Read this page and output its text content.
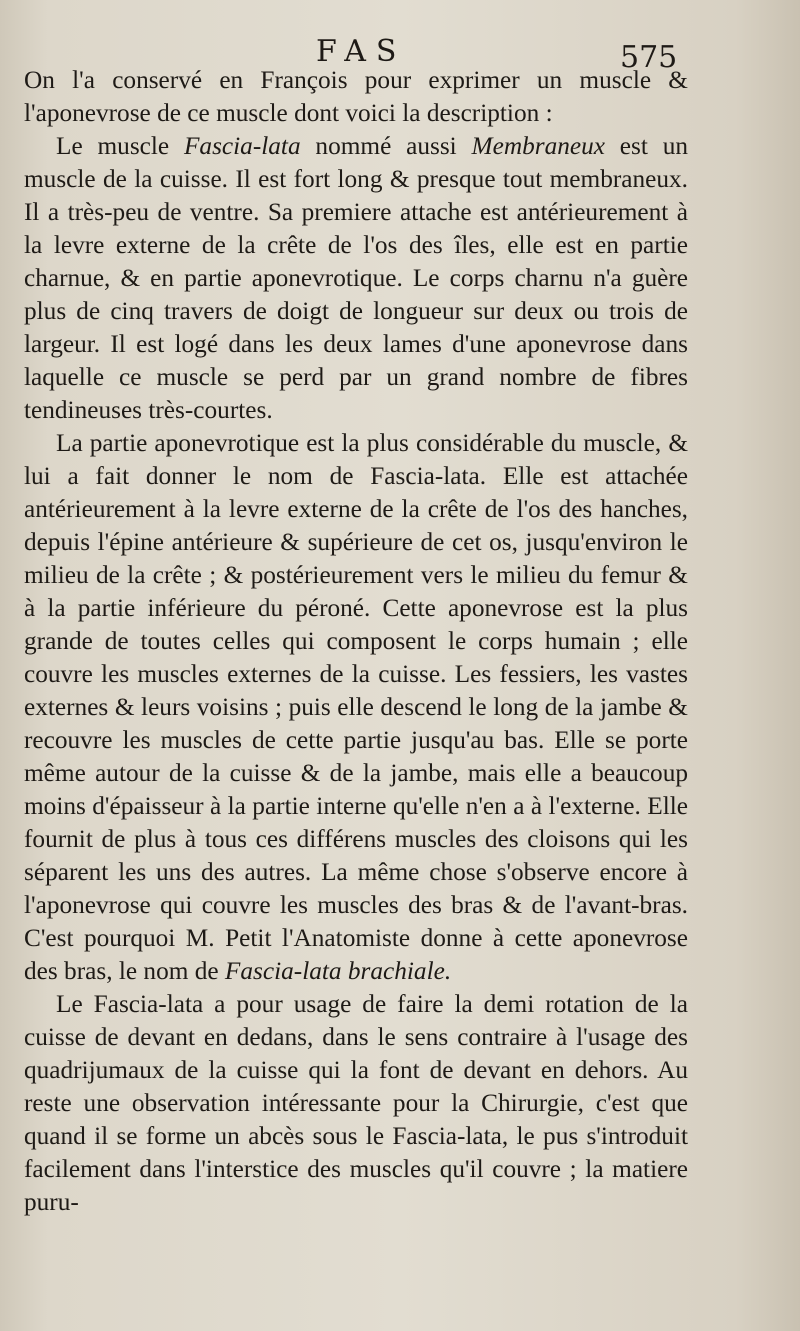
FAS	575

On l'a conservé en François pour exprimer un muscle & l'aponevrose de ce muscle dont voici la description :

Le muscle Fascia-lata nommé aussi Membraneux est un muscle de la cuisse. Il est fort long & presque tout membraneux. Il a très-peu de ventre. Sa premiere attache est antérieurement à la levre externe de la crête de l'os des îles, elle est en partie charnue, & en partie aponevrotique. Le corps charnu n'a guère plus de cinq travers de doigt de longueur sur deux ou trois de largeur. Il est logé dans les deux lames d'une aponevrose dans laquelle ce muscle se perd par un grand nombre de fibres tendineuses très-courtes.

La partie aponevrotique est la plus considérable du muscle, & lui a fait donner le nom de Fascia-lata. Elle est attachée antérieurement à la levre externe de la crête de l'os des hanches, depuis l'épine antérieure & supérieure de cet os, jusqu'environ le milieu de la crête ; & postérieurement vers le milieu du femur & à la partie inférieure du péroné. Cette aponevrose est la plus grande de toutes celles qui composent le corps humain ; elle couvre les muscles externes de la cuisse. Les fessiers, les vastes externes & leurs voisins ; puis elle descend le long de la jambe & recouvre les muscles de cette partie jusqu'au bas. Elle se porte même autour de la cuisse & de la jambe, mais elle a beaucoup moins d'épaisseur à la partie interne qu'elle n'en a à l'externe. Elle fournit de plus à tous ces différens muscles des cloisons qui les séparent les uns des autres. La même chose s'observe encore à l'aponevrose qui couvre les muscles des bras & de l'avant-bras. C'est pourquoi M. Petit l'Anatomiste donne à cette aponevrose des bras, le nom de Fascia-lata brachiale.

Le Fascia-lata a pour usage de faire la demi rotation de la cuisse de devant en dedans, dans le sens contraire à l'usage des quadrijumaux de la cuisse qui la font de devant en dehors. Au reste une observation intéressante pour la Chirurgie, c'est que quand il se forme un abcès sous le Fascia-lata, le pus s'introduit facilement dans l'interstice des muscles qu'il couvre ; la matiere puru-
